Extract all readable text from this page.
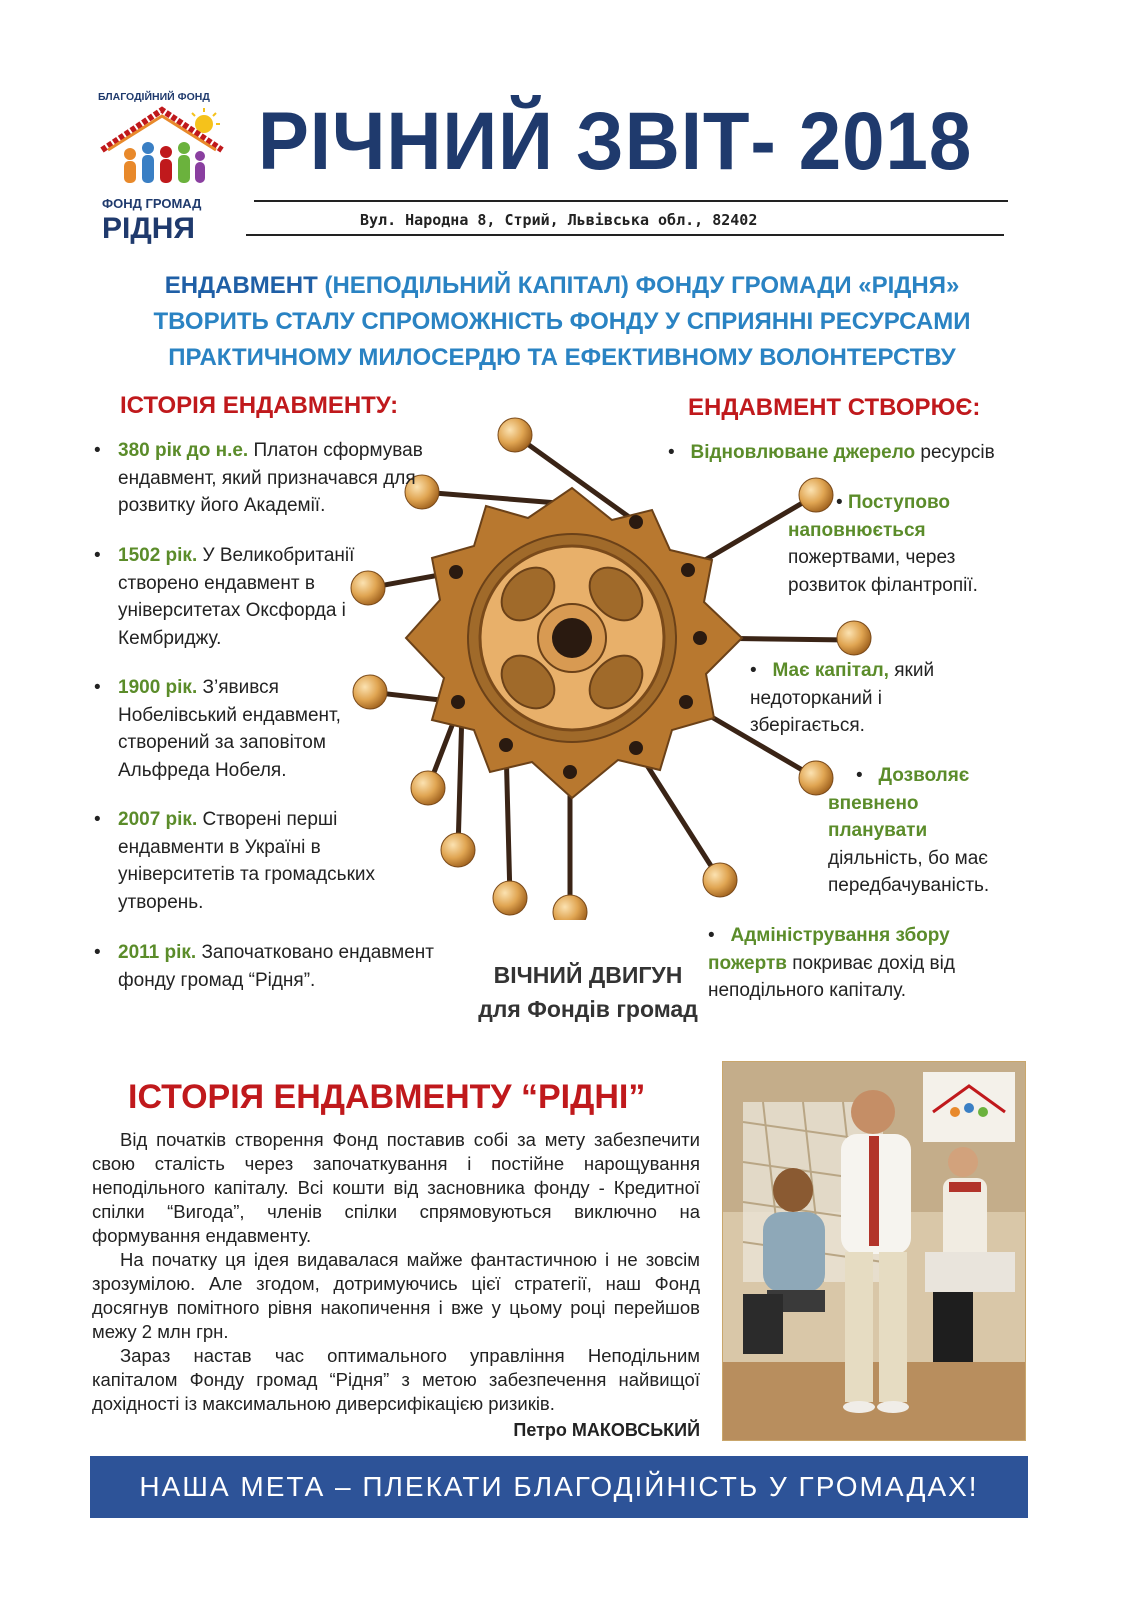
БЛАГОДІЙНИЙ ФОНД
ФОНД ГРОМАД
РІДНЯ
РІЧНИЙ ЗВІТ- 2018
Вул. Народна 8, Стрий, Львівська обл., 82402
ЕНДАВМЕНТ (НЕПОДІЛЬНИЙ КАПІТАЛ) ФОНДУ ГРОМАДИ «РІДНЯ»
ТВОРИТЬ СТАЛУ СПРОМОЖНІСТЬ ФОНДУ У СПРИЯННІ РЕСУРСАМИ
ПРАКТИЧНОМУ МИЛОСЕРДЮ ТА ЕФЕКТИВНОМУ ВОЛОНТЕРСТВУ
ІСТОРІЯ ЕНДАВМЕНТУ:	ЕНДАВМЕНТ СТВОРЮЄ:
• 380 рік до н.е. Платон сформував ендавмент, який призначався для розвитку його Академії.
• 1502 рік. У Великобританії створено ендавмент в університетах Оксфорда і Кембриджу.
• 1900 рік. З’явився Нобелівський ендавмент, створений за заповітом Альфреда Нобеля.
• 2007 рік. Створені перші ендавменти в Україні в університетів та громадських утворень.
• 2011 рік. Започатковано ендавмент фонду громад “Рідня”.
• Відновлюване джерело ресурсів
• Поступово наповнюється пожертвами, через розвиток філантропії.
• Має капітал, який недоторканий і зберігається.
• Дозволяє впевнено планувати діяльність, бо має передбачуваність.
• Адміністрування збору пожертв покриває дохід від неподільного капіталу.
ВІЧНИЙ ДВИГУН
для Фондів громад
ІСТОРІЯ ЕНДАВМЕНТУ “РІДНІ”

Від початків створення Фонд поставив собі за мету забезпечити свою сталість через започаткування і постійне нарощування неподільного капіталу. Всі кошти від засновника фонду - Кредитної спілки “Вигода”, членів спілки спрямовуються виключно на формування ендавменту.

На початку ця ідея видавалася майже фантастичною і не зовсім зрозумілою. Але згодом, дотримуючись цієї стратегії, наш Фонд досягнув помітного рівня накопичення і вже у цьому році перейшов межу 2 млн грн.

Зараз настав час оптимального управління Неподільним капіталом Фонду громад “Рідня” з метою забезпечення найвищої дохідності із максимальною диверсифікацією ризиків.

Петро МАКОВСЬКИЙ
НАША МЕТА – ПЛЕКАТИ БЛАГОДІЙНІСТЬ У ГРОМАДАХ!
